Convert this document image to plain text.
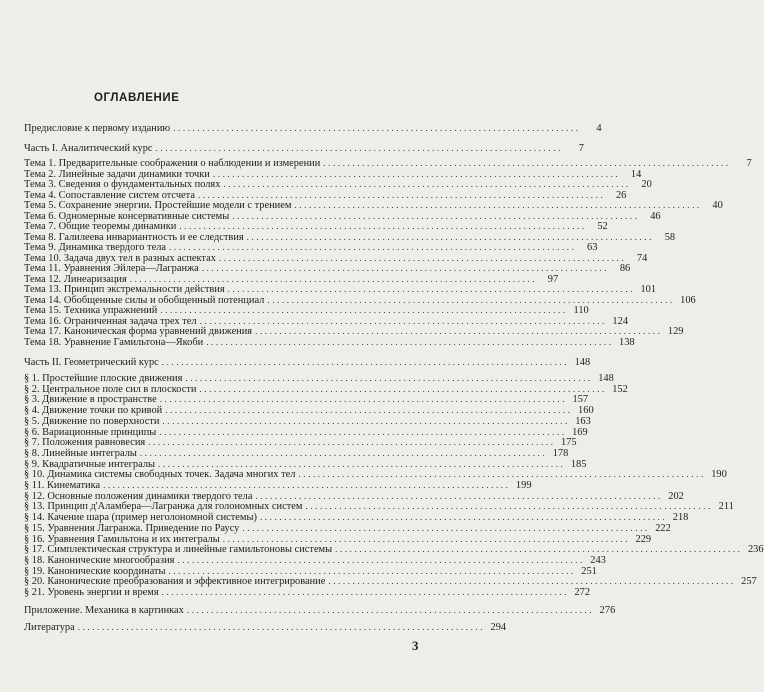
ОГЛАВЛЕНИЕ
Предисловие к первому изданию ....................................................................................	4
Часть I. Аналитический курс ....................................................................................	7
Тема 1. Предварительные соображения о наблюдении и измерении ....................................................................................	7
Тема 2. Линейные задачи динамики точки ....................................................................................	14
Тема 3. Сведения о фундаментальных полях ....................................................................................	20
Тема 4. Сопоставление систем отсчета ....................................................................................	26
Тема 5. Сохранение энергии. Простейшие модели с трением ....................................................................................	40
Тема 6. Одномерные консервативные системы ....................................................................................	46
Тема 7. Общие теоремы динамики ....................................................................................	52
Тема 8. Галилеева инвариантность и ее следствия ....................................................................................	58
Тема 9. Динамика твердого тела ....................................................................................	63
Тема 10. Задача двух тел в разных аспектах ....................................................................................	74
Тема 11. Уравнения Эйлера—Лагранжа ....................................................................................	86
Тема 12. Линеаризация ....................................................................................	97
Тема 13. Принцип экстремальности действия .................................................................................... 101
Тема 14. Обобщенные силы и обобщенный потенциал .................................................................................... 106
Тема 15. Техника упражнений .................................................................................... 110
Тема 16. Ограниченная задача трех тел .................................................................................... 124
Тема 17. Каноническая форма уравнений движения .................................................................................... 129
Тема 18. Уравнение Гамильтона—Якоби .................................................................................... 138
Часть II. Геометрический курс .................................................................................... 148
§ 1. Простейшие плоские движения .................................................................................... 148
§ 2. Центральное поле сил в плоскости .................................................................................... 152
§ 3. Движение в пространстве .................................................................................... 157
§ 4. Движение точки по кривой .................................................................................... 160
§ 5. Движение по поверхности .................................................................................... 163
§ 6. Вариационные принципы .................................................................................... 169
§ 7. Положения равновесия .................................................................................... 175
§ 8. Линейные интегралы .................................................................................... 178
§ 9. Квадратичные интегралы .................................................................................... 185
§ 10. Динамика системы свободных точек. Задача многих тел .................................................................................... 190
§ 11. Кинематика .................................................................................... 199
§ 12. Основные положения динамики твердого тела .................................................................................... 202
§ 13. Принцип д'Аламбера—Лагранжа для голономных систем .................................................................................... 211
§ 14. Качение шара (пример неголономной системы) .................................................................................... 218
§ 15. Уравнения Лагранжа. Приведение по Раусу .................................................................................... 222
§ 16. Уравнения Гамильтона и их интегралы .................................................................................... 229
§ 17. Симплектическая структура и линейные гамильтоновы системы .................................................................................... 236
§ 18. Канонические многообразия .................................................................................... 243
§ 19. Канонические координаты .................................................................................... 251
§ 20. Канонические преобразования и эффективное интегрирование .................................................................................... 257
§ 21. Уровень энергии и время .................................................................................... 272
Приложение. Механика в картинках .................................................................................... 276
Литература .................................................................................... 294
3
